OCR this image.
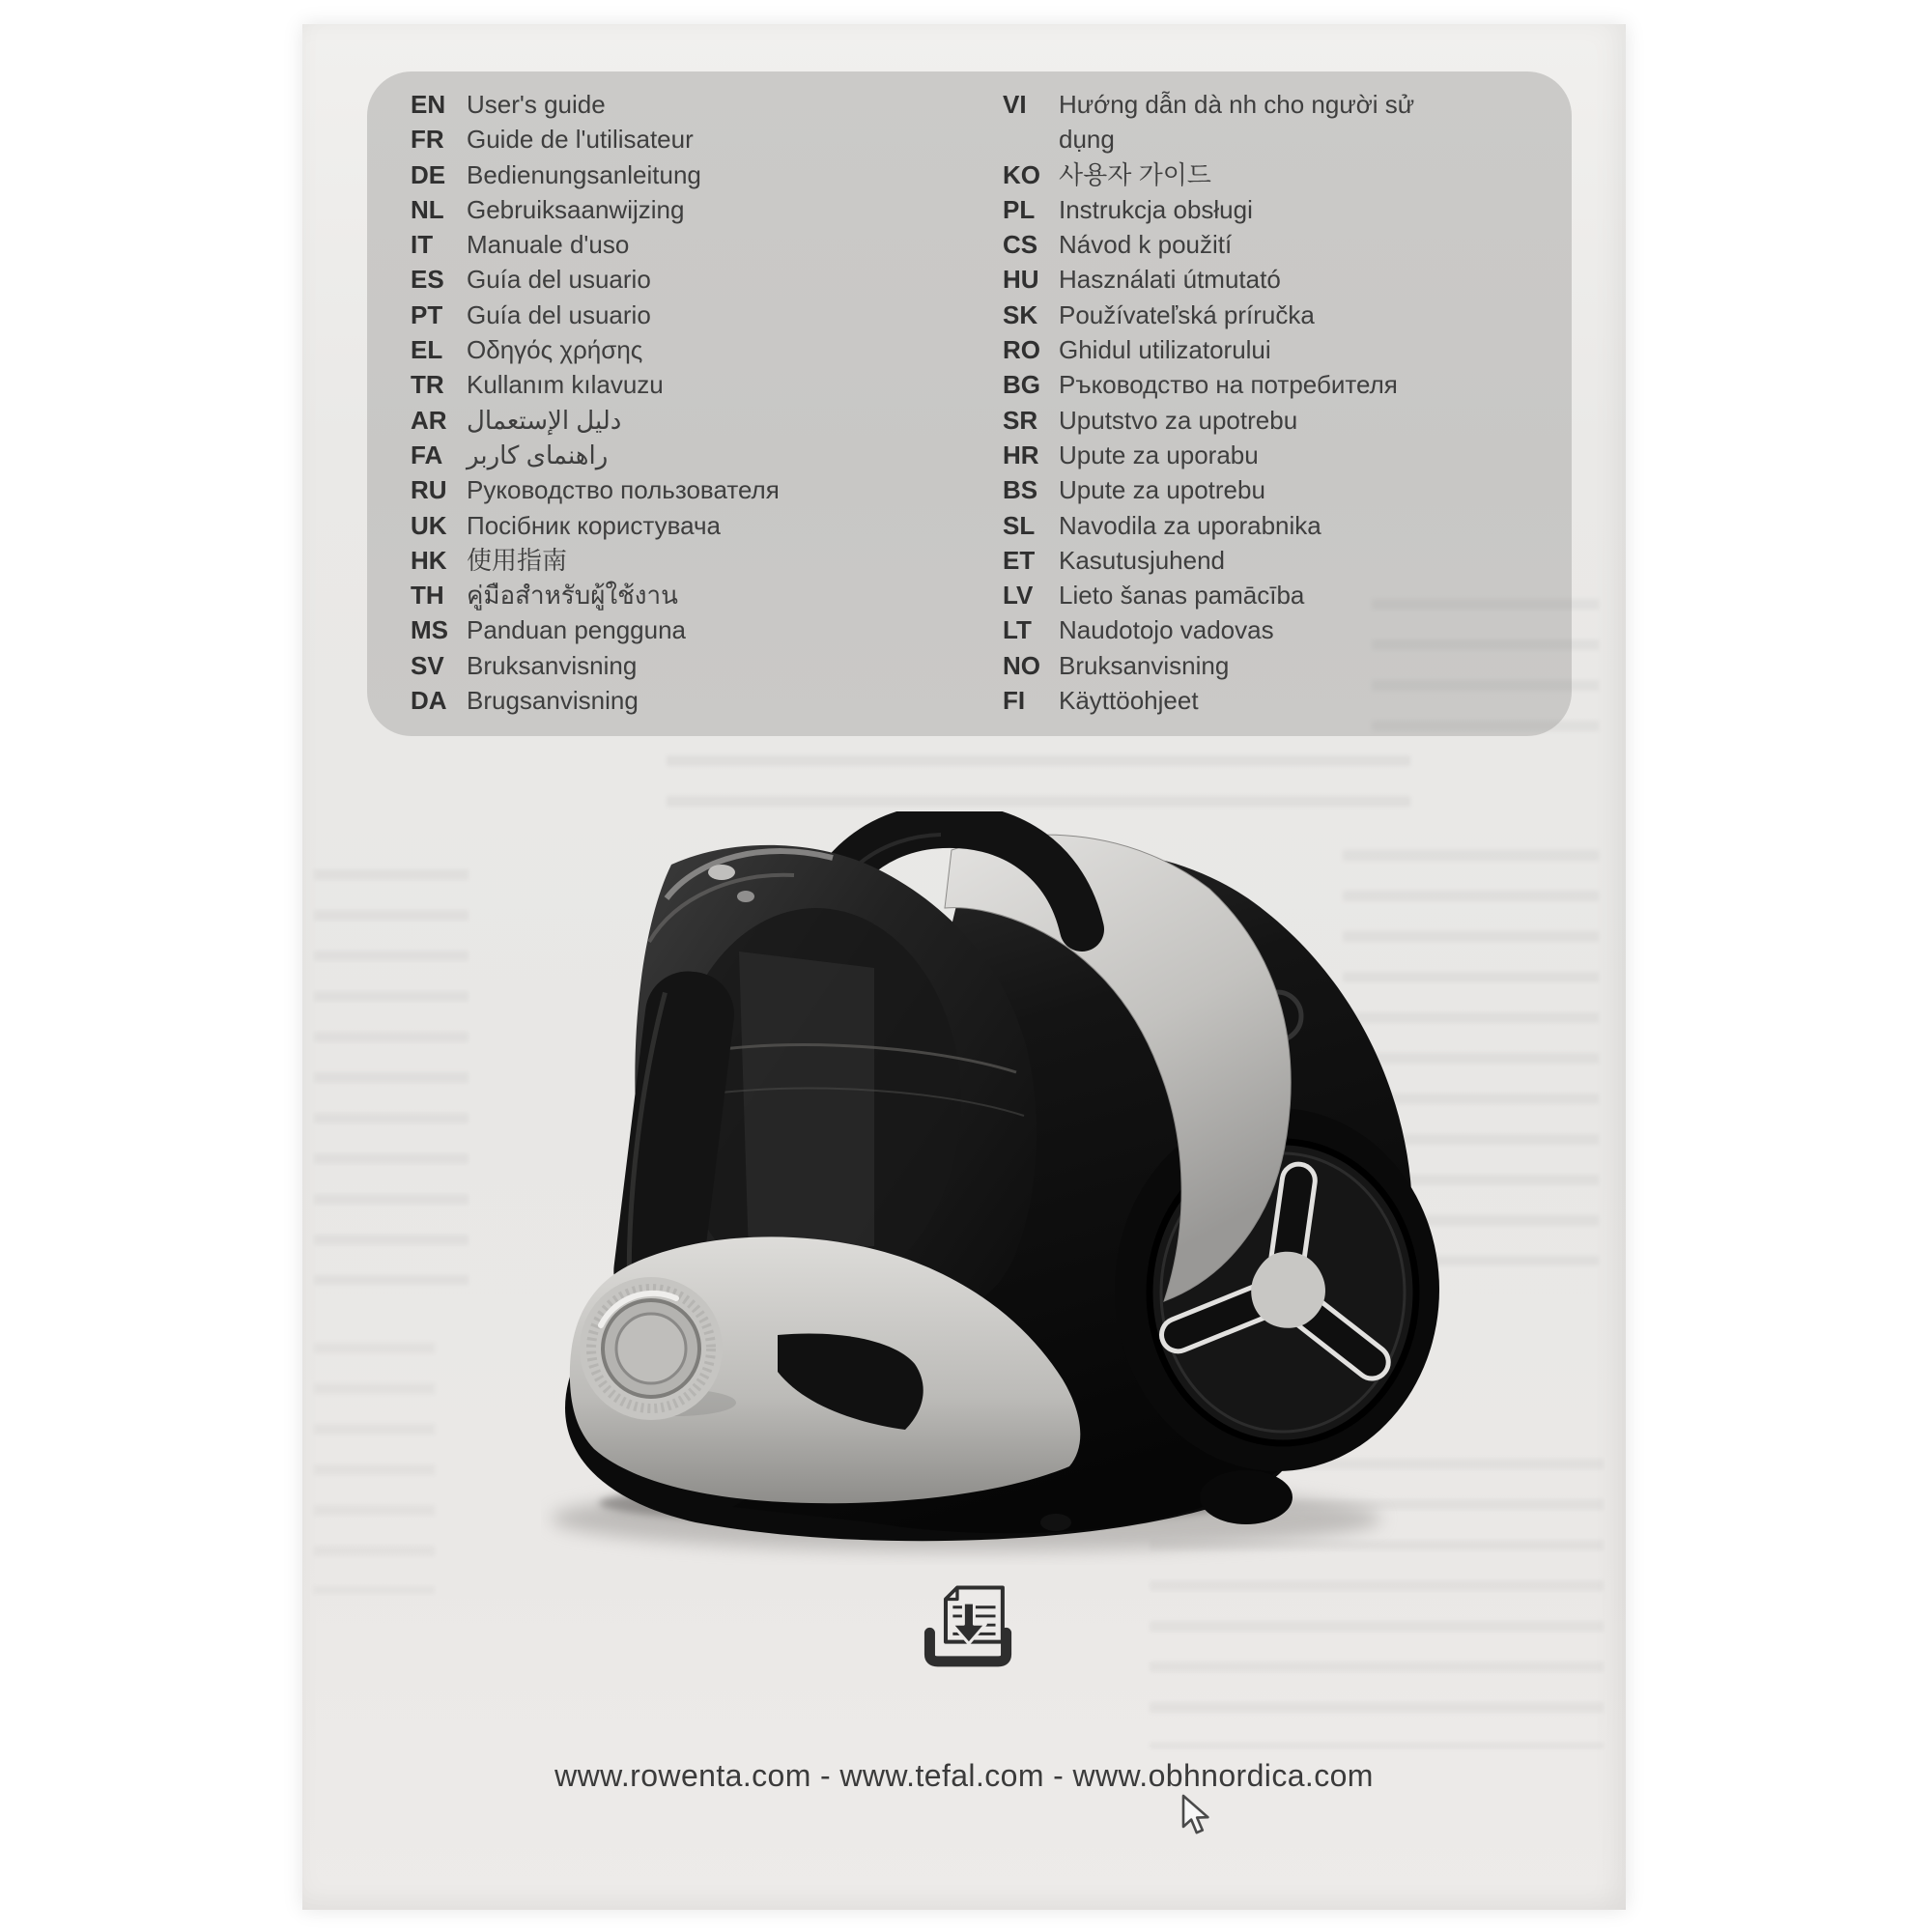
EN User's guide
FR Guide de l'utilisateur
DE Bedienungsanleitung
NL Gebruiksaanwijzing
IT	Manuale d'uso
ES Guía del usuario
PT Guía del usuario
EL Οδηγός χρήσης
TR Kullanım kılavuzu
AR دليل الإستعمال
FA راهنمای کاربر
RU Руководство пользователя
UK Посібник користувача
HK 使用指南
TH คู่มือสำหรับผู้ใช้งาน
MS Panduan pengguna
SV Bruksanvisning
DA Brugsanvisning
VI	Hướng dẫn dà nh cho người sử dụng
KO 사용자 가이드
PL Instrukcja obsługi
CS Návod k použití
HU Használati útmutató
SK Používateľská príručka
RO Ghidul utilizatorului
BG Ръководство на потребителя
SR Uputstvo za upotrebu
HR Upute za uporabu
BS Upute za upotrebu
SL Navodila za uporabnika
ET Kasutusjuhend
LV	Lieto šanas pamācība
LT	Naudotojo vadovas
NO Bruksanvisning
FI	Käyttöohjeet
www.rowenta.com - www.tefal.com - www.obhnordica.com
